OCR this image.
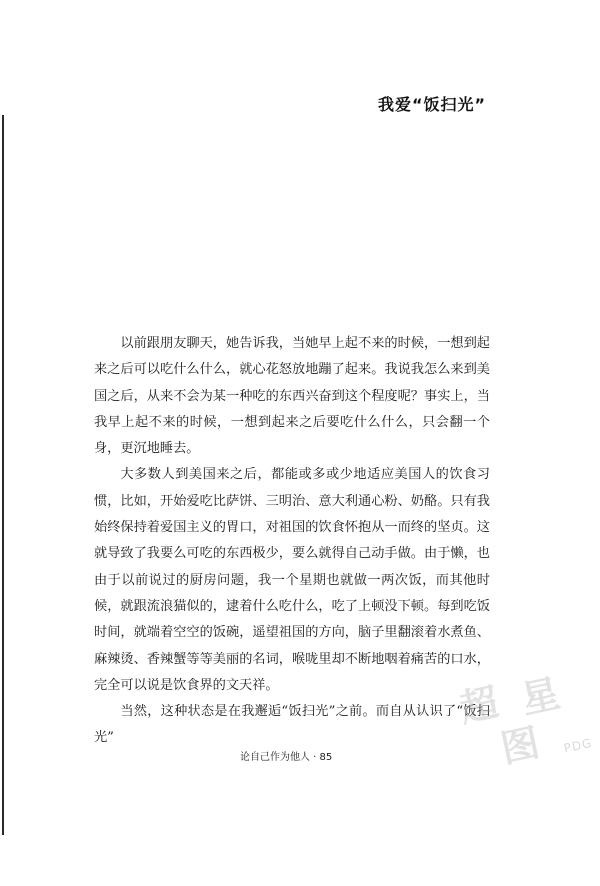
我爱“饭扫光”

以前跟朋友聊天，她告诉我，当她早上起不来的时候，一想到起来之后可以吃什么什么，就心花怒放地蹦了起来。我说我怎么来到美国之后，从来不会为某一种吃的东西兴奋到这个程度呢？事实上，当我早上起不来的时候，一想到起来之后要吃什么什么，只会翻一个身，更沉地睡去。

大多数人到美国来之后，都能或多或少地适应美国人的饮食习惯，比如，开始爱吃比萨饼、三明治、意大利通心粉、奶酪。只有我始终保持着爱国主义的胃口，对祖国的饮食怀抱从一而终的坚贞。这就导致了我要么可吃的东西极少，要么就得自己动手做。由于懒，也由于以前说过的厨房问题，我一个星期也就做一两次饭，而其他时候，就跟流浪猫似的，逮着什么吃什么，吃了上顿没下顿。每到吃饭时间，就端着空空的饭碗，遥望祖国的方向，脑子里翻滚着水煮鱼、麻辣烫、香辣蟹等等美丽的名词，喉咙里却不断地咽着痛苦的口水，完全可以说是饮食界的文天祥。

当然，这种状态是在我邂逅“饭扫光”之前。而自从认识了“饭扫光”

论自己作为他人 · 85
超 星
图 PDG
